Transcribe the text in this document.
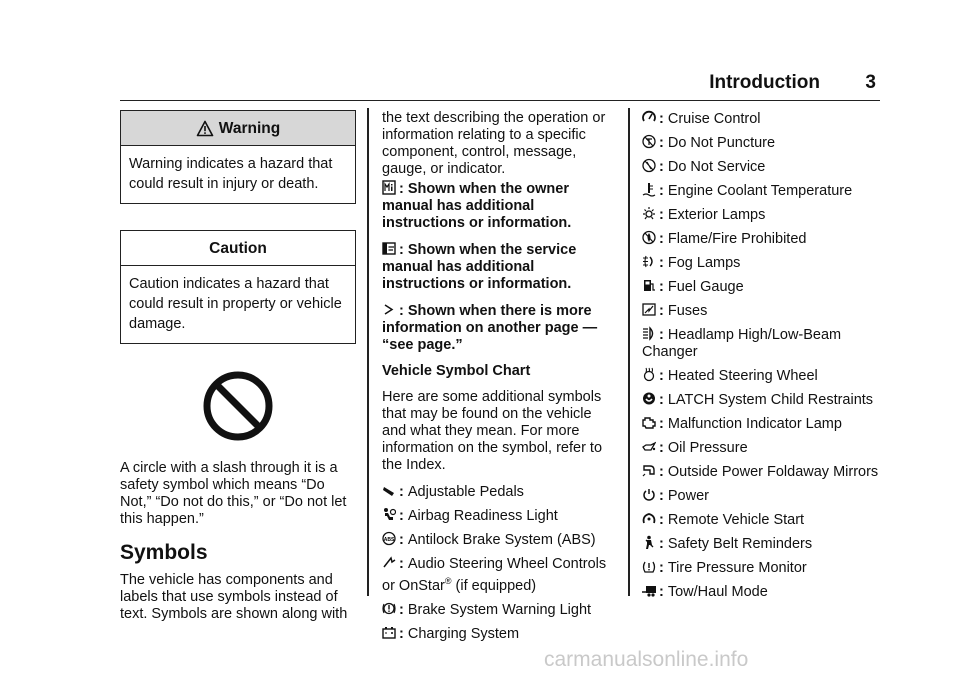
Introduction 3
Warning
Warning indicates a hazard that could result in injury or death.
Caution
Caution indicates a hazard that could result in property or vehicle damage.

A circle with a slash through it is a safety symbol which means “Do Not,” “Do not do this,” or “Do not let this happen.”

Symbols

The vehicle has components and labels that use symbols instead of text. Symbols are shown along with

the text describing the operation or information relating to a specific component, control, message, gauge, or indicator.

: Shown when the owner manual has additional instructions or information.

: Shown when the service manual has additional instructions or information.

: Shown when there is more information on another page — “see page.”

Vehicle Symbol Chart

Here are some additional symbols that may be found on the vehicle and what they mean. For more information on the symbol, refer to the Index.

: Adjustable Pedals

: Airbag Readiness Light

ABS : Antilock Brake System (ABS)

: Audio Steering Wheel Controls or OnStar® (if equipped)

: Brake System Warning Light

: Charging System

: Cruise Control

: Do Not Puncture

: Do Not Service

: Engine Coolant Temperature

: Exterior Lamps

: Flame/Fire Prohibited

: Fog Lamps

: Fuel Gauge

: Fuses

: Headlamp High/Low-Beam Changer

: Heated Steering Wheel

: LATCH System Child Restraints

: Malfunction Indicator Lamp

: Oil Pressure

: Outside Power Foldaway Mirrors

: Power

: Remote Vehicle Start

: Safety Belt Reminders

: Tire Pressure Monitor

: Tow/Haul Mode

carmanualsonline.info
